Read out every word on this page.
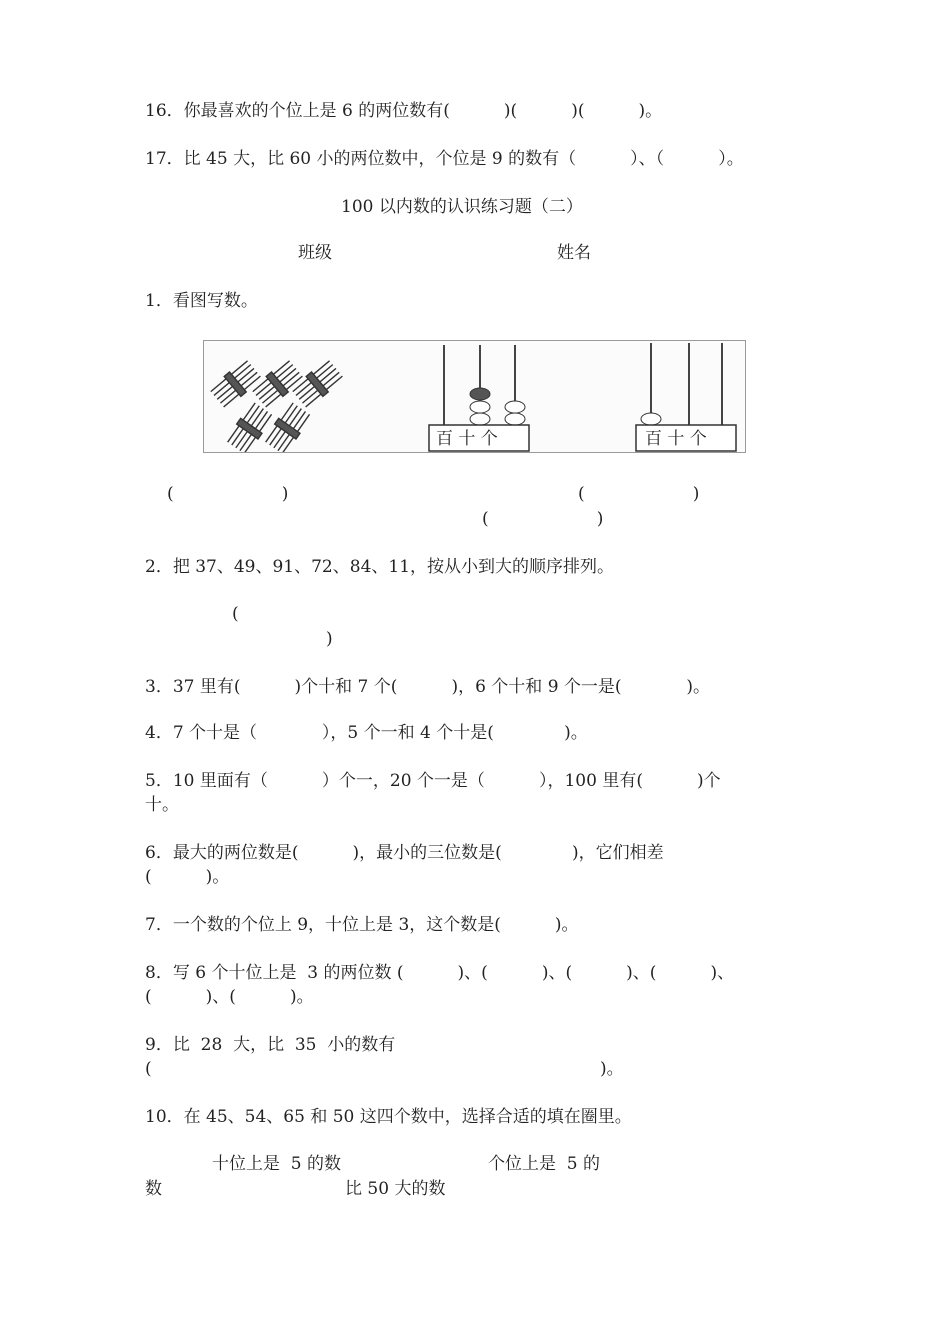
16．你最喜欢的个位上是 6 的两位数有(          )(          )(          )。
17．比 45 大，比 60 小的两位数中，个位是 9 的数有（          ）、（          ）。
100 以内数的认识练习题（二）
班级	姓名
1．看图写数。
百 十 个	百 十 个
(                    )	(                    )
(                    )
2．把 37、49、91、72、84、11，按从小到大的顺序排列。
(
)
3．37 里有(          )个十和 7 个(          )，6 个十和 9 个一是(            )。
4．7 个十是（            ），5 个一和 4 个十是(             )。
5．10 里面有（          ）个一，20 个一是（          ），100 里有(          )个
十。
6．最大的两位数是(          )，最小的三位数是(             )，它们相差
(          )。
7．一个数的个位上 9，十位上是 3，这个数是(          )。
8．写 6 个十位上是  3 的两位数 (          )、(          )、(          )、(          )、
(          )、(          )。
9．比  28  大，比  35  小的数有
(	)。
10．在 45、54、65 和 50 这四个数中，选择合适的填在圈里。
十位上是  5 的数	个位上是  5 的
数	比 50 大的数
